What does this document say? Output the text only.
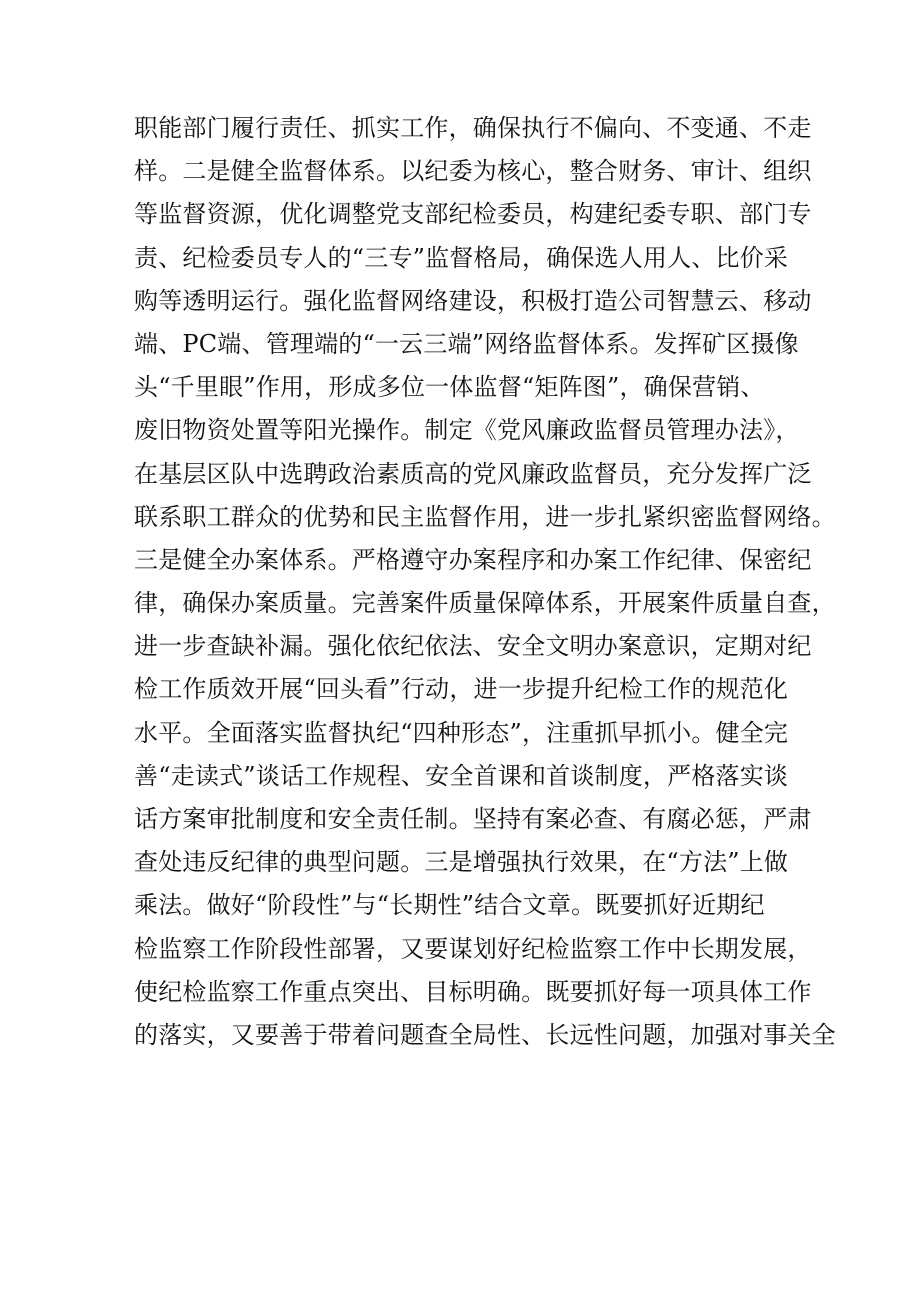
职能部门履行责任、抓实工作，确保执行不偏向、不变通、不走
样。二是健全监督体系。以纪委为核心，整合财务、审计、组织
等监督资源，优化调整党支部纪检委员，构建纪委专职、部门专
责、纪检委员专人的“三专”监督格局，确保选人用人、比价采
购等透明运行。强化监督网络建设，积极打造公司智慧云、移动
端、PC端、管理端的“一云三端”网络监督体系。发挥矿区摄像
头“千里眼”作用，形成多位一体监督“矩阵图”，确保营销、
废旧物资处置等阳光操作。制定《党风廉政监督员管理办法》，
在基层区队中选聘政治素质高的党风廉政监督员，充分发挥广泛
联系职工群众的优势和民主监督作用，进一步扎紧织密监督网络。
三是健全办案体系。严格遵守办案程序和办案工作纪律、保密纪
律，确保办案质量。完善案件质量保障体系，开展案件质量自查，
进一步查缺补漏。强化依纪依法、安全文明办案意识，定期对纪
检工作质效开展“回头看”行动，进一步提升纪检工作的规范化
水平。全面落实监督执纪“四种形态”，注重抓早抓小。健全完
善“走读式”谈话工作规程、安全首课和首谈制度，严格落实谈
话方案审批制度和安全责任制。坚持有案必查、有腐必惩，严肃
查处违反纪律的典型问题。三是增强执行效果，在“方法”上做
乘法。做好“阶段性”与“长期性”结合文章。既要抓好近期纪
检监察工作阶段性部署，又要谋划好纪检监察工作中长期发展，
使纪检监察工作重点突出、目标明确。既要抓好每一项具体工作
的落实，又要善于带着问题查全局性、长远性问题，加强对事关全
